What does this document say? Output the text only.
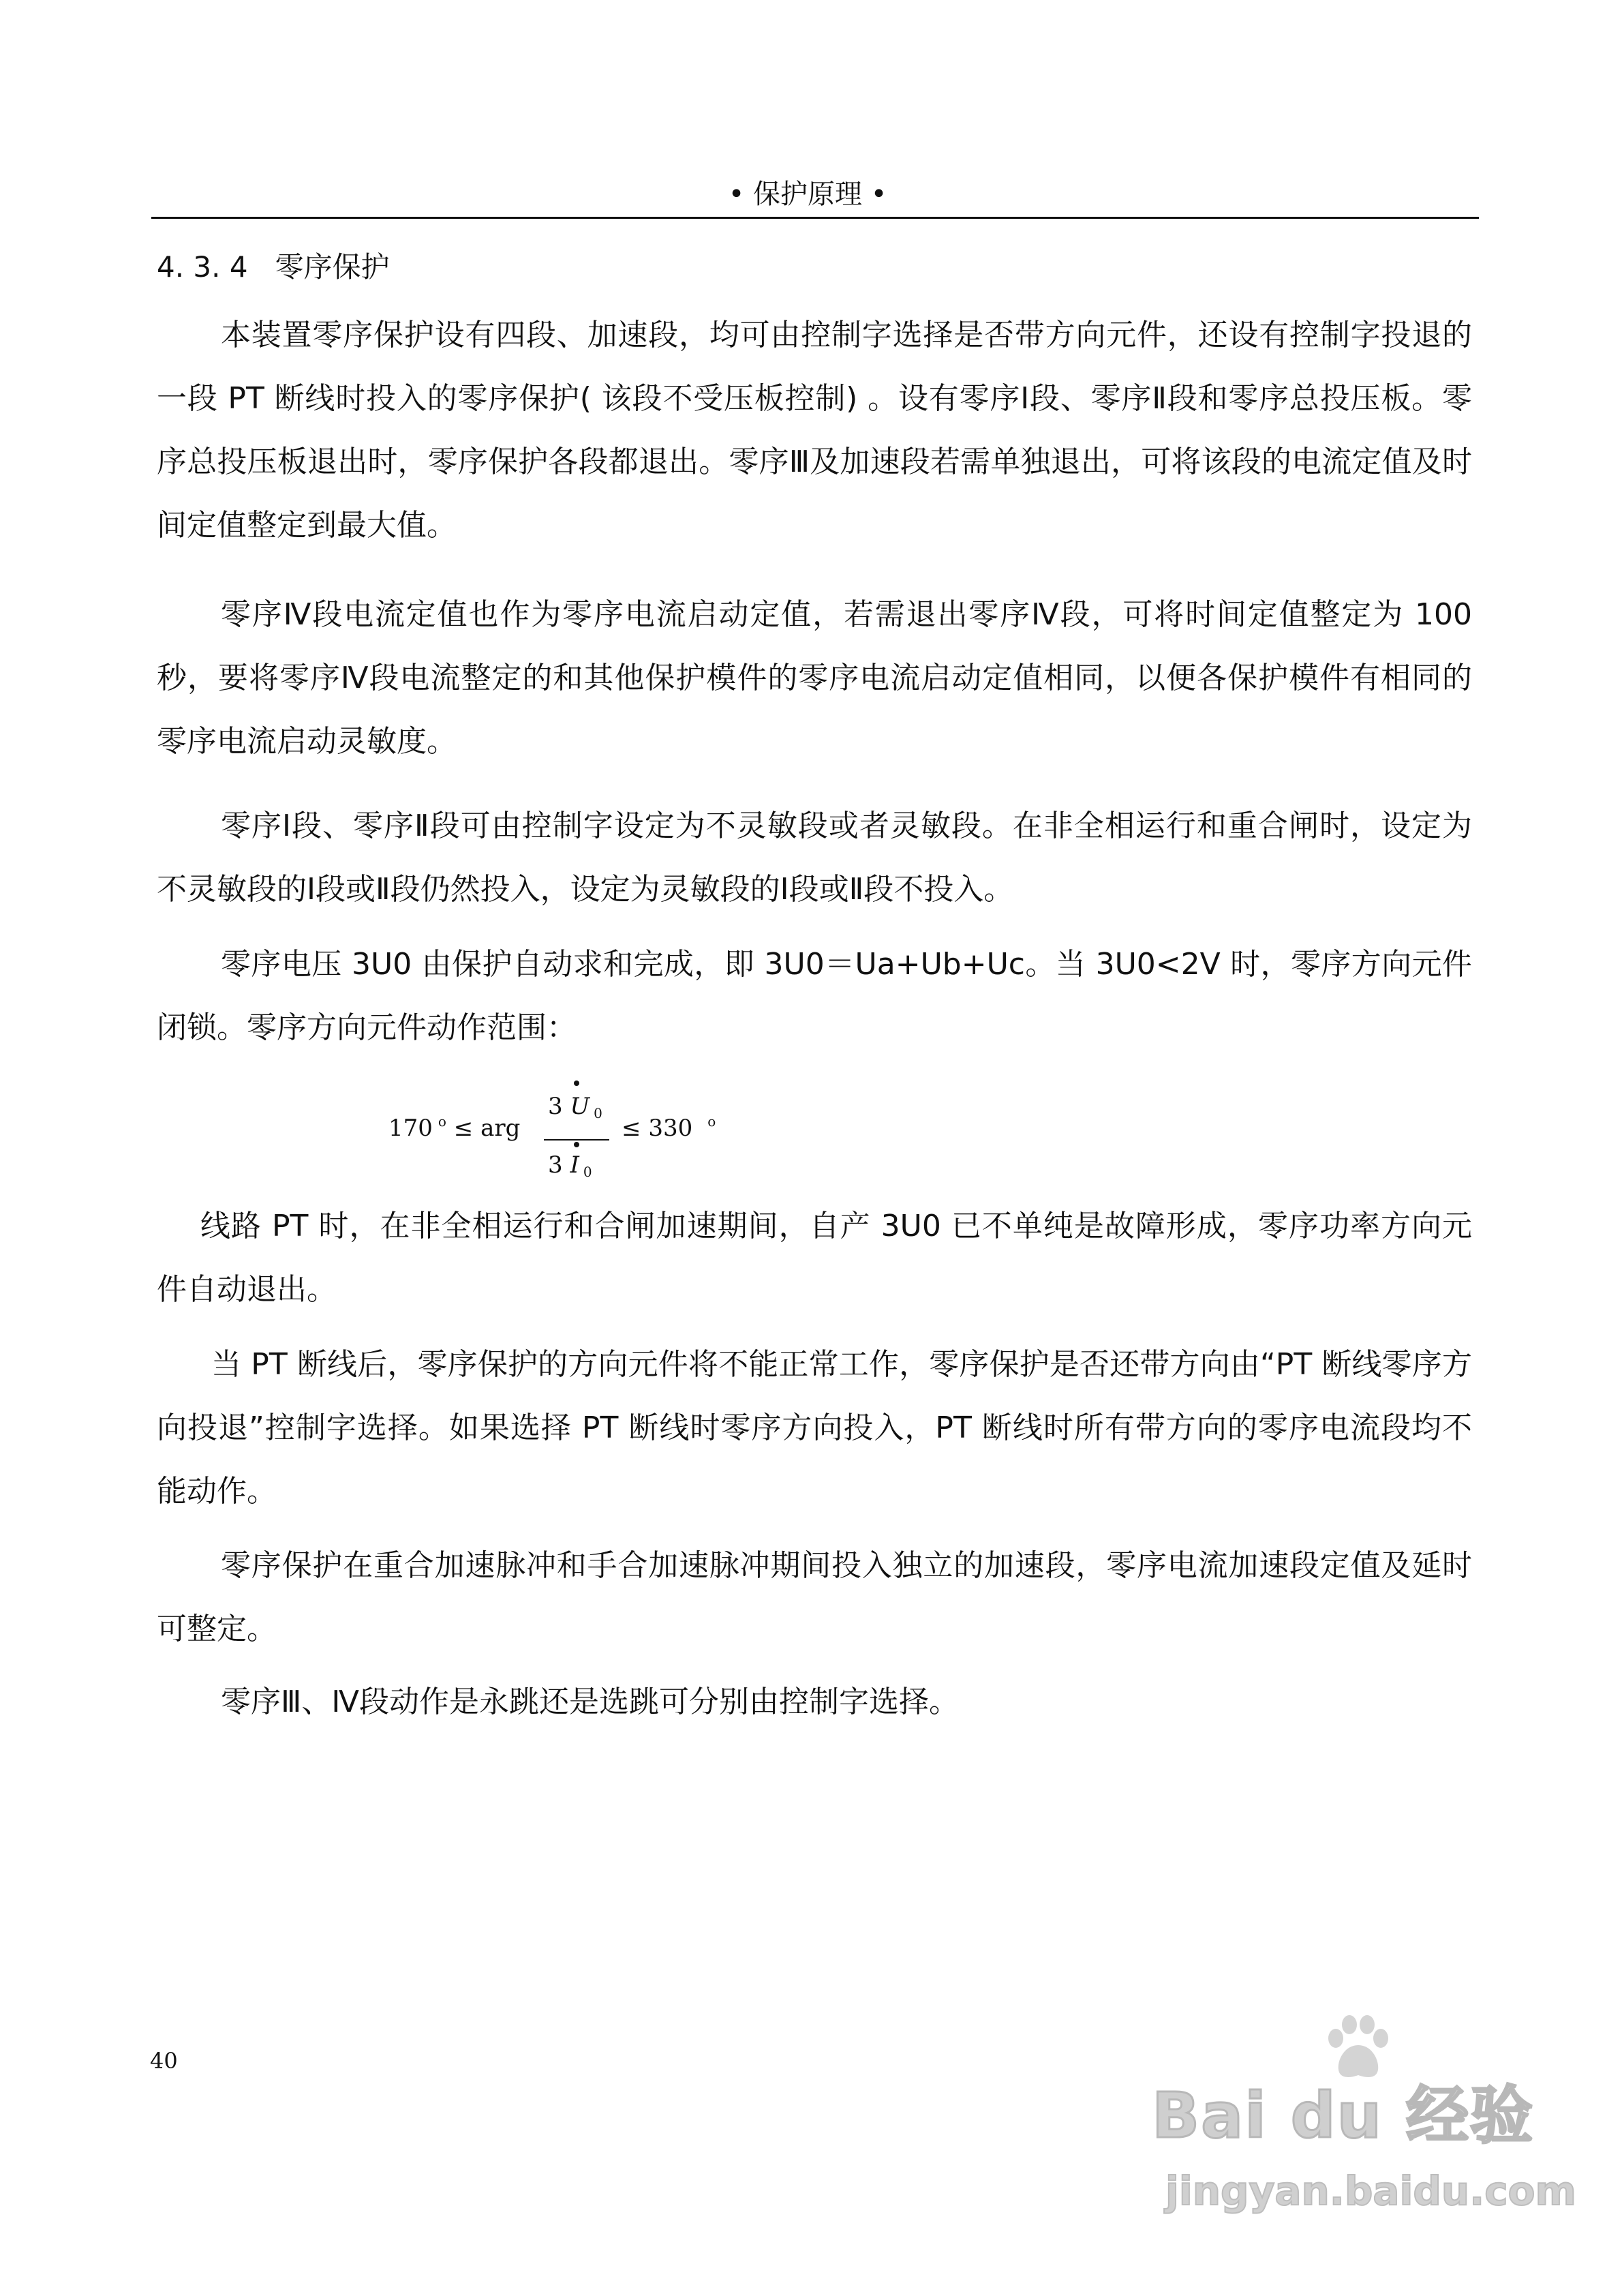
• 保护原理 •
4. 3. 4 零序保护

本装置零序保护设有四段、加速段，均可由控制字选择是否带方向元件，还设有控制字投退的一段 PT 断线时投入的零序保护( 该段不受压板控制) 。设有零序Ⅰ段、零序Ⅱ段和零序总投压板。零序总投压板退出时，零序保护各段都退出。零序Ⅲ及加速段若需单独退出，可将该段的电流定值及时间定值整定到最大值。

零序Ⅳ段电流定值也作为零序电流启动定值，若需退出零序Ⅳ段，可将时间定值整定为 100 秒，要将零序Ⅳ段电流整定的和其他保护模件的零序电流启动定值相同，以便各保护模件有相同的零序电流启动灵敏度。

零序Ⅰ段、零序Ⅱ段可由控制字设定为不灵敏段或者灵敏段。在非全相运行和重合闸时，设定为不灵敏段的Ⅰ段或Ⅱ段仍然投入，设定为灵敏段的Ⅰ段或Ⅱ段不投入。

零序电压 3U0 由保护自动求和完成，即 3U0＝Ua+Ub+Uc。当 3U0<2V 时，零序方向元件闭锁。零序方向元件动作范围：

170 $^o$ ≤ arg
3 U 0
3 I 0
≤ 330 $^o$

线路 PT 时，在非全相运行和合闸加速期间，自产 3U0 已不单纯是故障形成，零序功率方向元件自动退出。

当 PT 断线后，零序保护的方向元件将不能正常工作，零序保护是否还带方向由“PT 断线零序方向投退”控制字选择。如果选择 PT 断线时零序方向投入，PT 断线时所有带方向的零序电流段均不能动作。

零序保护在重合加速脉冲和手合加速脉冲期间投入独立的加速段，零序电流加速段定值及延时可整定。

零序Ⅲ、Ⅳ段动作是永跳还是选跳可分别由控制字选择。

40
Bai du 经验
jingyan.baidu.com
